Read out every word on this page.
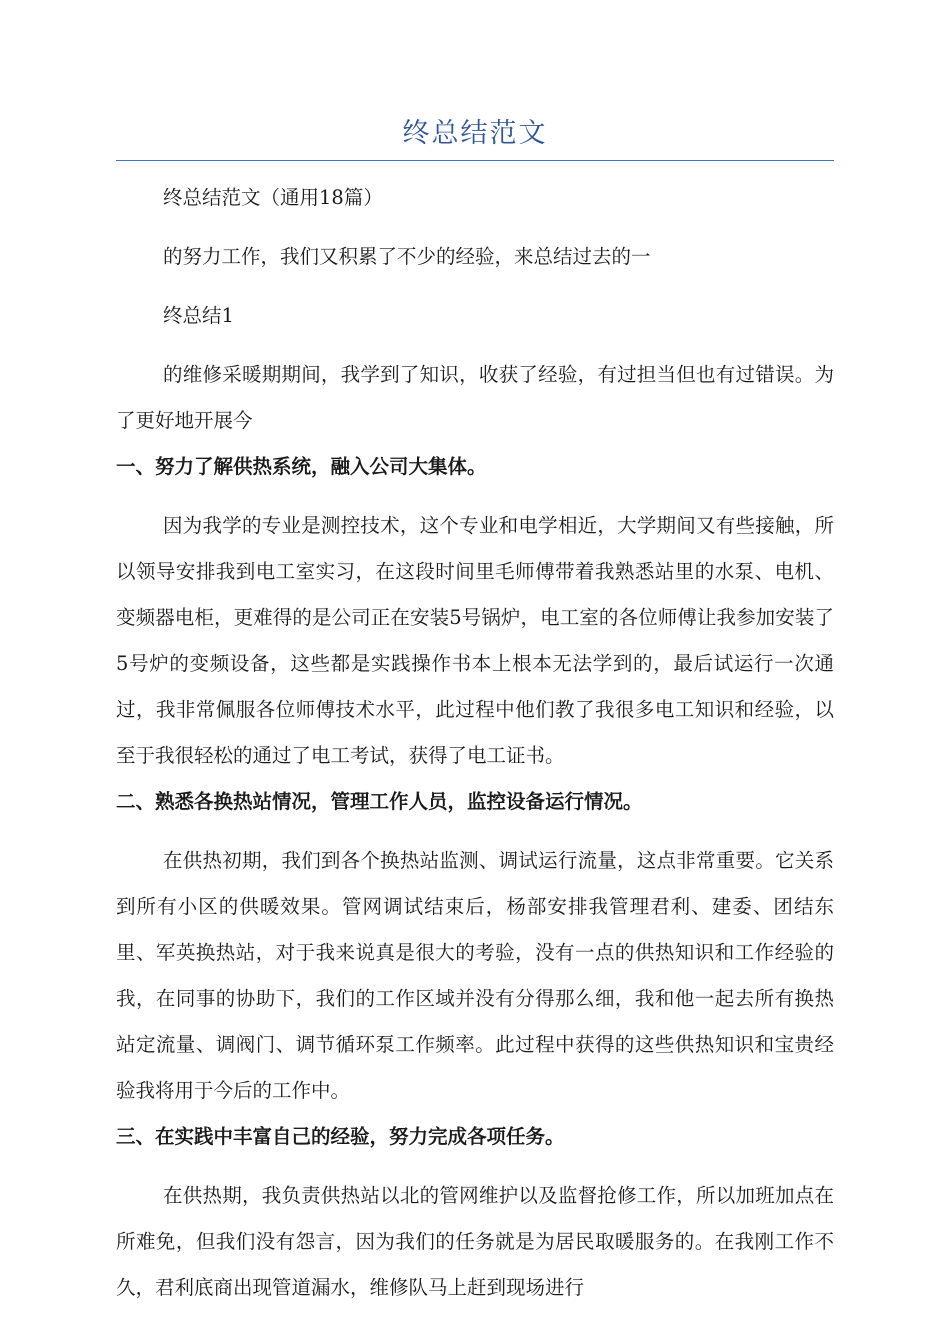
终总结范文

终总结范文（通用18篇）

的努力工作，我们又积累了不少的经验，来总结过去的一

终总结1

的维修采暖期期间，我学到了知识，收获了经验，有过担当但也有过错误。为了更好地开展今

一、努力了解供热系统，融入公司大集体。

因为我学的专业是测控技术，这个专业和电学相近，大学期间又有些接触，所以领导安排我到电工室实习，在这段时间里毛师傅带着我熟悉站里的水泵、电机、变频器电柜，更难得的是公司正在安装5号锅炉，电工室的各位师傅让我参加安装了5号炉的变频设备，这些都是实践操作书本上根本无法学到的，最后试运行一次通过，我非常佩服各位师傅技术水平，此过程中他们教了我很多电工知识和经验，以至于我很轻松的通过了电工考试，获得了电工证书。

二、熟悉各换热站情况，管理工作人员，监控设备运行情况。

在供热初期，我们到各个换热站监测、调试运行流量，这点非常重要。它关系到所有小区的供暖效果。管网调试结束后，杨部安排我管理君利、建委、团结东里、军英换热站，对于我来说真是很大的考验，没有一点的供热知识和工作经验的我，在同事的协助下，我们的工作区域并没有分得那么细，我和他一起去所有换热站定流量、调阀门、调节循环泵工作频率。此过程中获得的这些供热知识和宝贵经验我将用于今后的工作中。

三、在实践中丰富自己的经验，努力完成各项任务。

在供热期，我负责供热站以北的管网维护以及监督抢修工作，所以加班加点在所难免，但我们没有怨言，因为我们的任务就是为居民取暖服务的。在我刚工作不久，君利底商出现管道漏水，维修队马上赶到现场进行
